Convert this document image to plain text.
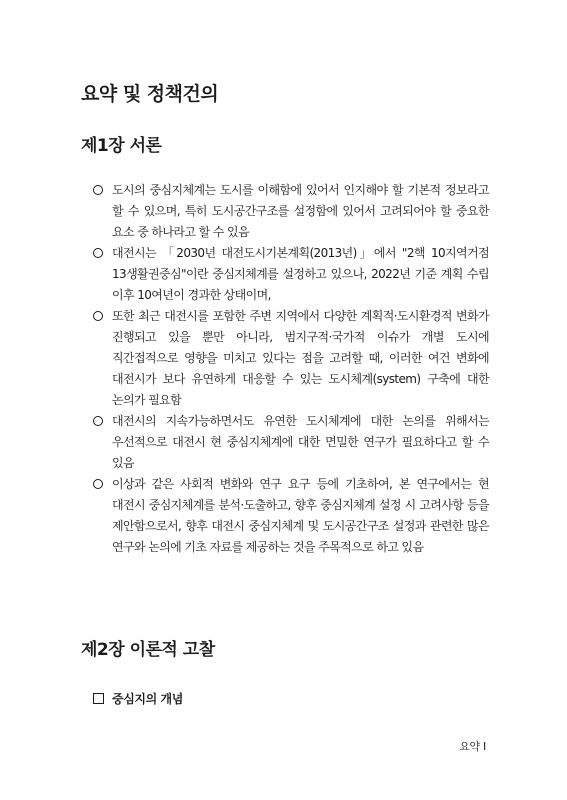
요약 및 정책건의
제1장 서론
도시의 중심지체계는 도시를 이해함에 있어서 인지해야 할 기본적 정보라고 할 수 있으며, 특히 도시공간구조를 설정함에 있어서 고려되어야 할 중요한 요소 중 하나라고 할 수 있음
대전시는 「2030년 대전도시기본계획(2013년)」에서 "2핵 10지역거점 13생활권중심"이란 중심지체계를 설정하고 있으나, 2022년 기준 계획 수립 이후 10여년이 경과한 상태이며,
또한 최근 대전시를 포함한 주변 지역에서 다양한 계획적·도시환경적 변화가 진행되고 있을 뿐만 아니라, 범지구적·국가적 이슈가 개별 도시에 직간접적으로 영향을 미치고 있다는 점을 고려할 때, 이러한 여건 변화에 대전시가 보다 유연하게 대응할 수 있는 도시체계(system) 구축에 대한 논의가 필요함
대전시의 지속가능하면서도 유연한 도시체계에 대한 논의를 위해서는 우선적으로 대전시 현 중심지체계에 대한 면밀한 연구가 필요하다고 할 수 있음
이상과 같은 사회적 변화와 연구 요구 등에 기초하여, 본 연구에서는 현 대전시 중심지체계를 분석·도출하고, 향후 중심지체계 설정 시 고려사항 등을 제안함으로서, 향후 대전시 중심지체계 및 도시공간구조 설정과 관련한 많은 연구와 논의에 기초 자료를 제공하는 것을 주목적으로 하고 있음
제2장 이론적 고찰
중심지의 개념
요약 Ⅰ
